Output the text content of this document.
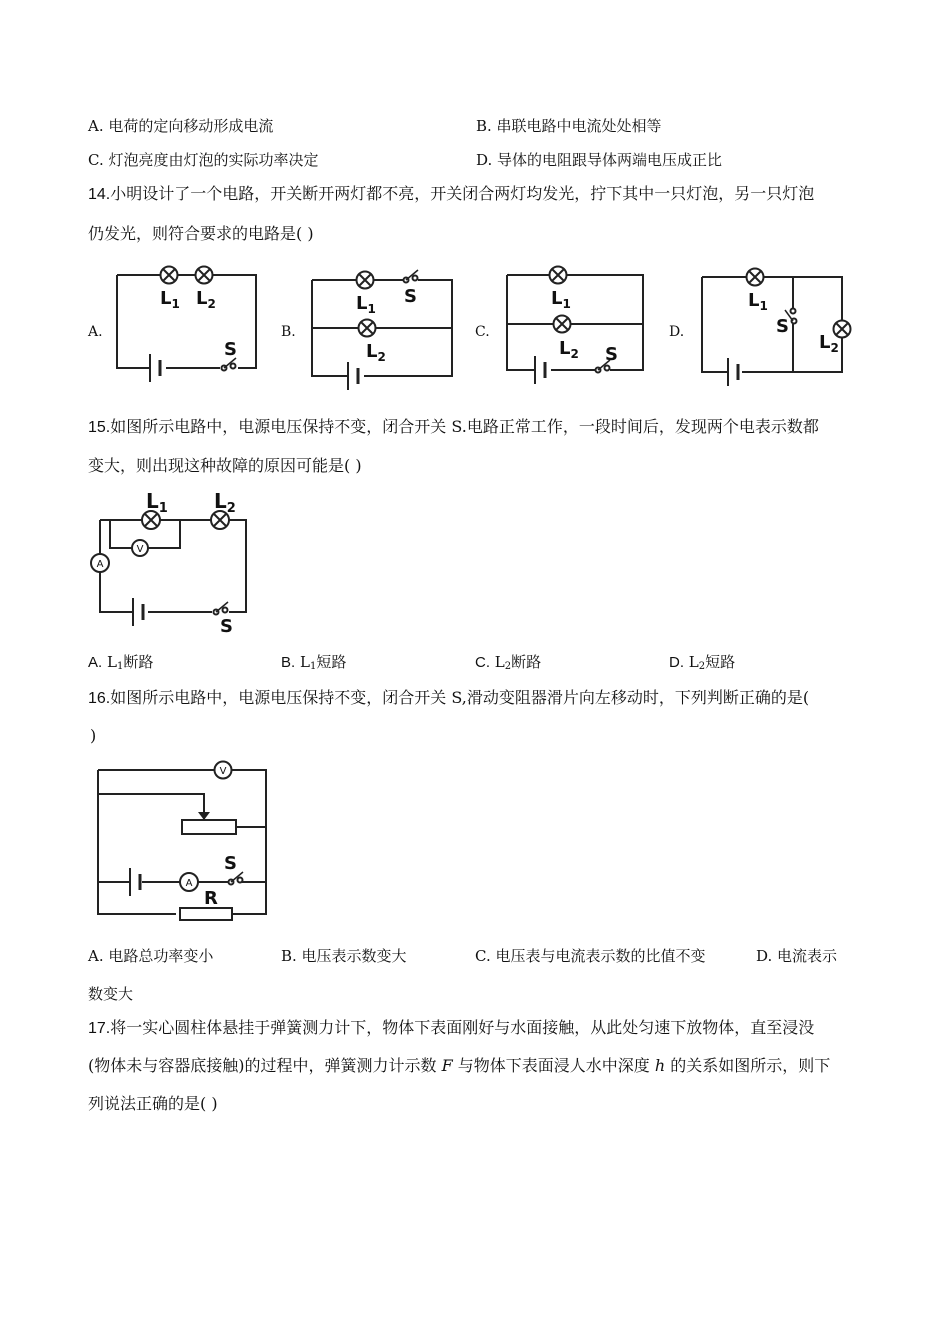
A. 电荷的定向移动形成电流	B. 串联电路中电流处处相等
C. 灯泡亮度由灯泡的实际功率决定	D. 导体的电阻跟导体两端电压成正比
14.小明设计了一个电路，开关断开两灯都不亮，开关闭合两灯均发光，拧下其中一只灯泡，另一只灯泡
仍发光，则符合要求的电路是( )
A.	B.	C.	D.
$L_1$ $L_2$
S
$L_1$
S
$L_2$
$L_1$
$L_2$ S
$L_1$
S
$L_2$
15.如图所示电路中，电源电压保持不变，闭合开关 S.电路正常工作，一段时间后，发现两个电表示数都
变大，则出现这种故障的原因可能是( )
V
A
$L_1$ $L_2$
S
A. $L_1$断路	B. $L_1$短路	C. $L_2$断路	D. $L_2$短路
16.如图所示电路中，电源电压保持不变，闭合开关 S,滑动变阻器滑片向左移动时，下列判断正确的是(
)
V
A
S
R
A. 电路总功率变小	B. 电压表示数变大	C. 电压表与电流表示数的比值不变	D. 电流表示
数变大
17.将一实心圆柱体悬挂于弹簧测力计下，物体下表面刚好与水面接触，从此处匀速下放物体，直至浸没
(物体未与容器底接触)的过程中，弹簧测力计示数 F 与物体下表面浸人水中深度 h 的关系如图所示，则下
列说法正确的是( )
